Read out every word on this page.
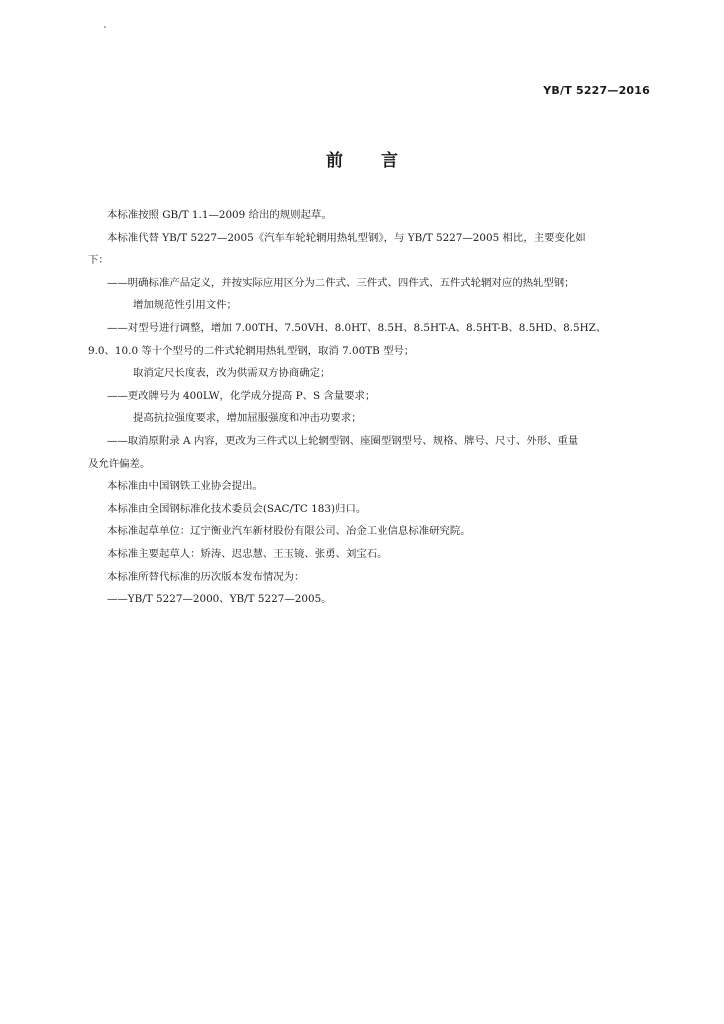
YB/T 5227—2016
前 言
本标准按照 GB/T 1.1—2009 给出的规则起草。
本标准代替 YB/T 5227—2005《汽车车轮轮辋用热轧型钢》，与 YB/T 5227—2005 相比，主要变化如
下：
——明确标准产品定义，并按实际应用区分为二件式、三件式、四件式、五件式轮辋对应的热轧型钢；
增加规范性引用文件；
——对型号进行调整，增加 7.00TH、7.50VH、8.0HT、8.5H、8.5HT-A、8.5HT-B、8.5HD、8.5HZ、
9.0、10.0 等十个型号的二件式轮辋用热轧型钢，取消 7.00TB 型号；
取消定尺长度表，改为供需双方协商确定；
——更改牌号为 400LW，化学成分提高 P、S 含量要求；
提高抗拉强度要求，增加屈服强度和冲击功要求；
——取消原附录 A 内容，更改为三件式以上轮辋型钢、座圈型钢型号、规格、牌号、尺寸、外形、重量
及允许偏差。
本标准由中国钢铁工业协会提出。
本标准由全国钢标准化技术委员会(SAC/TC 183)归口。
本标准起草单位：辽宁衡业汽车新材股份有限公司、冶金工业信息标准研究院。
本标准主要起草人：矫涛、迟忠慧、王玉镜、张勇、刘宝石。
本标准所替代标准的历次版本发布情况为：
——YB/T 5227—2000、YB/T 5227—2005。
